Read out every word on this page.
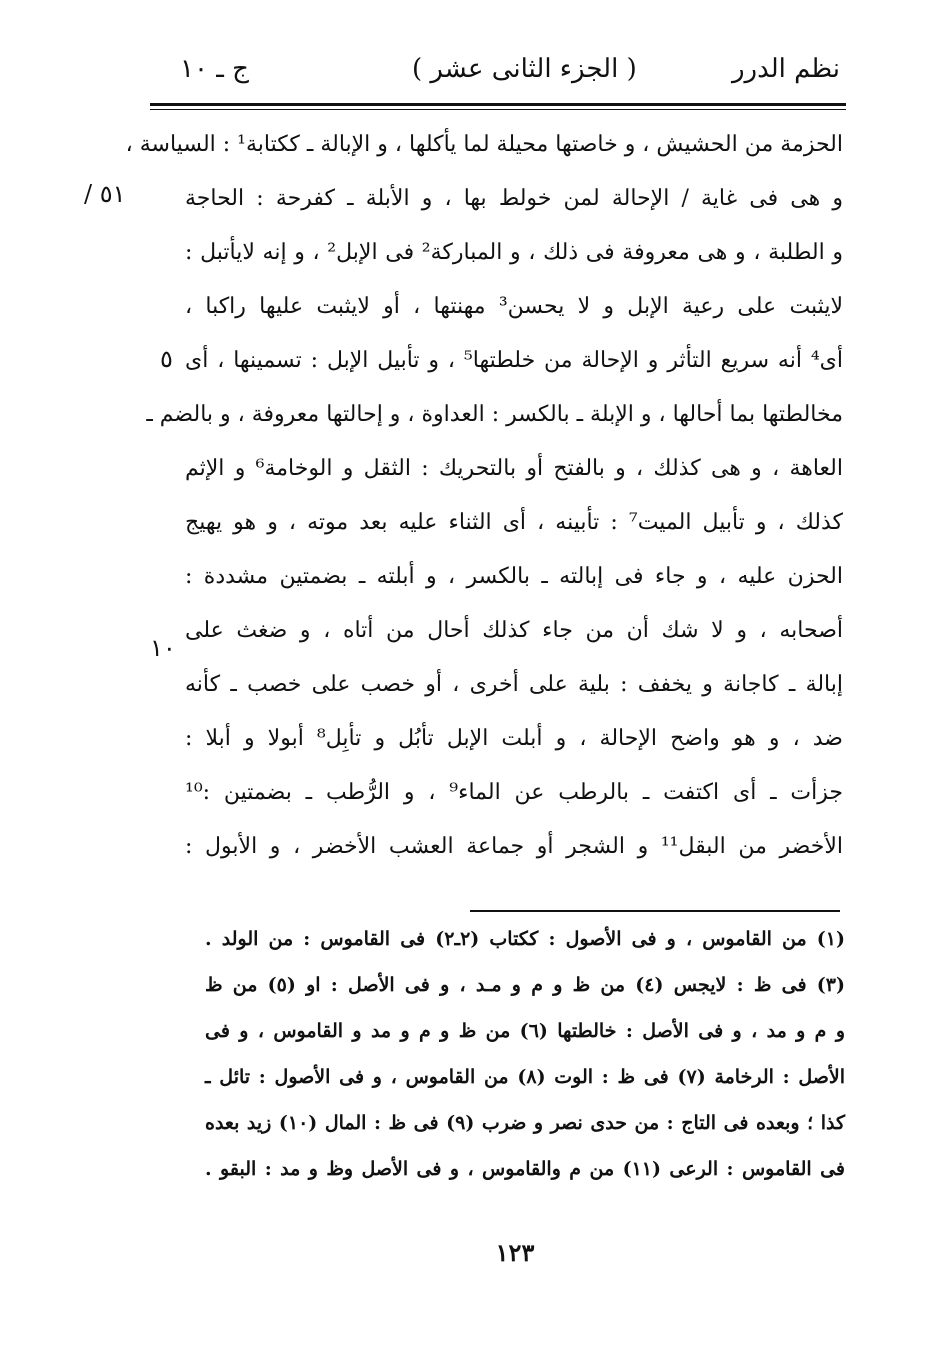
ج ـ ١٠	( الجزء الثانى عشر )	نظم الدرر
٥١ /
٥
١٠
الحزمة من الحشيش ، و خاصتها محيلة لما يأكلها ، و الإبالة ـ ككتابة¹ : السياسة ،
و هى فى غاية / الإحالة لمن خولط بها ، و الأبلة ـ كفرحة : الحاجة
و الطلبة ، و هى معروفة فى ذلك ، و المباركة² فى الإبل² ، و إنه لايأتبل :
لايثبت على رعية الإبل و لا يحسن³ مهنتها ، أو لايثبت عليها راكبا ،
أى⁴ أنه سريع التأثر و الإحالة من خلطتها⁵ ، و تأبيل الإبل : تسمينها ، أى
مخالطتها بما أحالها ، و الإبلة ـ بالكسر : العداوة ، و إحالتها معروفة ، و بالضم ـ
العاهة ، و هى كذلك ، و بالفتح أو بالتحريك : الثقل و الوخامة⁶ و الإثم
كذلك ، و تأبيل الميت⁷ : تأبينه ، أى الثناء عليه بعد موته ، و هو يهيج
الحزن عليه ، و جاء فى إبالته ـ بالكسر ، و أبلته ـ بضمتين مشددة :
أصحابه ، و لا شك أن من جاء كذلك أحال من أتاه ، و ضغث على
إبالة ـ كاجانة و يخفف : بلية على أخرى ، أو خصب على خصب ـ كأنه
ضد ، و هو واضح الإحالة ، و أبلت الإبل تأبُل و تأبِل⁸ أبولا و أبلا :
جزأت ـ أى اكتفت ـ بالرطب عن الماء⁹ ، و الرُّطب ـ بضمتين :¹⁰
الأخضر من البقل¹¹ و الشجر أو جماعة العشب الأخضر ، و الأبول :
(١) من القاموس ، و فى الأصول : ككتاب (٢ـ٢) فى القاموس : من الولد .
(٣) فى ظ : لايجس (٤) من ظ و م و مـد ، و فى الأصل : او (٥) من ظ
و م و مد ، و فى الأصل : خالطتها (٦) من ظ و م و مد و القاموس ، و فى
الأصل : الرخامة (٧) فى ظ : الوت (٨) من القاموس ، و فى الأصول : تائل ـ
كذا ؛ وبعده فى التاج : من حدى نصر و ضرب (٩) فى ظ : المال (١٠) زيد بعده
فى القاموس : الرعى (١١) من م والقاموس ، و فى الأصل وظ و مد : البقو .
١٢٣
